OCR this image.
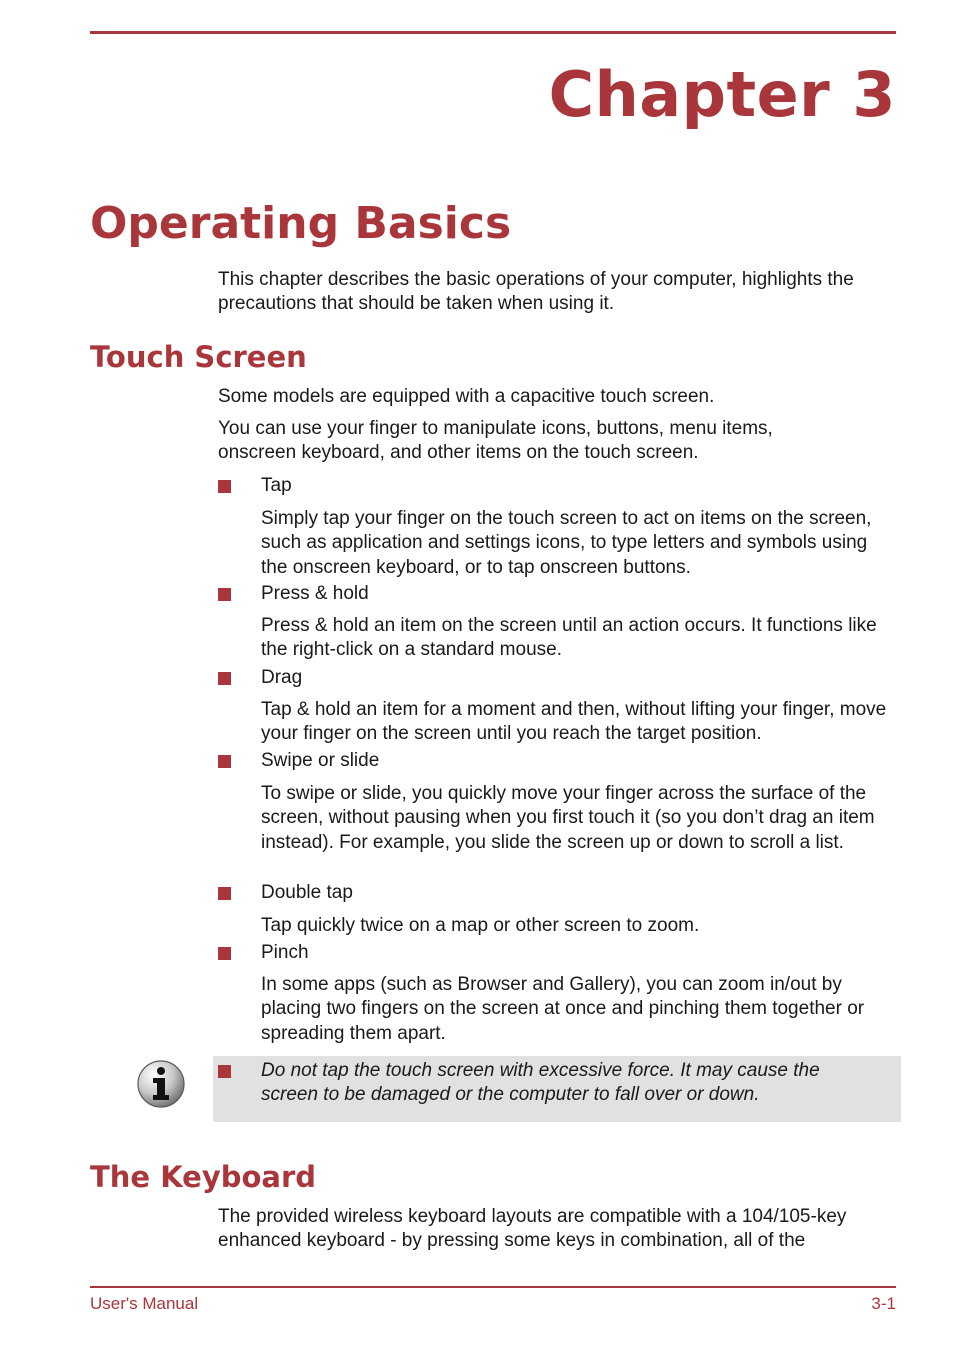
Chapter 3
Operating Basics
This chapter describes the basic operations of your computer, highlights the precautions that should be taken when using it.
Touch Screen
Some models are equipped with a capacitive touch screen.
You can use your finger to manipulate icons, buttons, menu items, onscreen keyboard, and other items on the touch screen.
Tap
Simply tap your finger on the touch screen to act on items on the screen, such as application and settings icons, to type letters and symbols using the onscreen keyboard, or to tap onscreen buttons.
Press & hold
Press & hold an item on the screen until an action occurs. It functions like the right-click on a standard mouse.
Drag
Tap & hold an item for a moment and then, without lifting your finger, move your finger on the screen until you reach the target position.
Swipe or slide
To swipe or slide, you quickly move your finger across the surface of the screen, without pausing when you first touch it (so you don’t drag an item instead). For example, you slide the screen up or down to scroll a list.
Double tap
Tap quickly twice on a map or other screen to zoom.
Pinch
In some apps (such as Browser and Gallery), you can zoom in/out by placing two fingers on the screen at once and pinching them together or spreading them apart.
Do not tap the touch screen with excessive force. It may cause the screen to be damaged or the computer to fall over or down.
The Keyboard
The provided wireless keyboard layouts are compatible with a 104/105-key enhanced keyboard - by pressing some keys in combination, all of the
User's Manual	3-1
